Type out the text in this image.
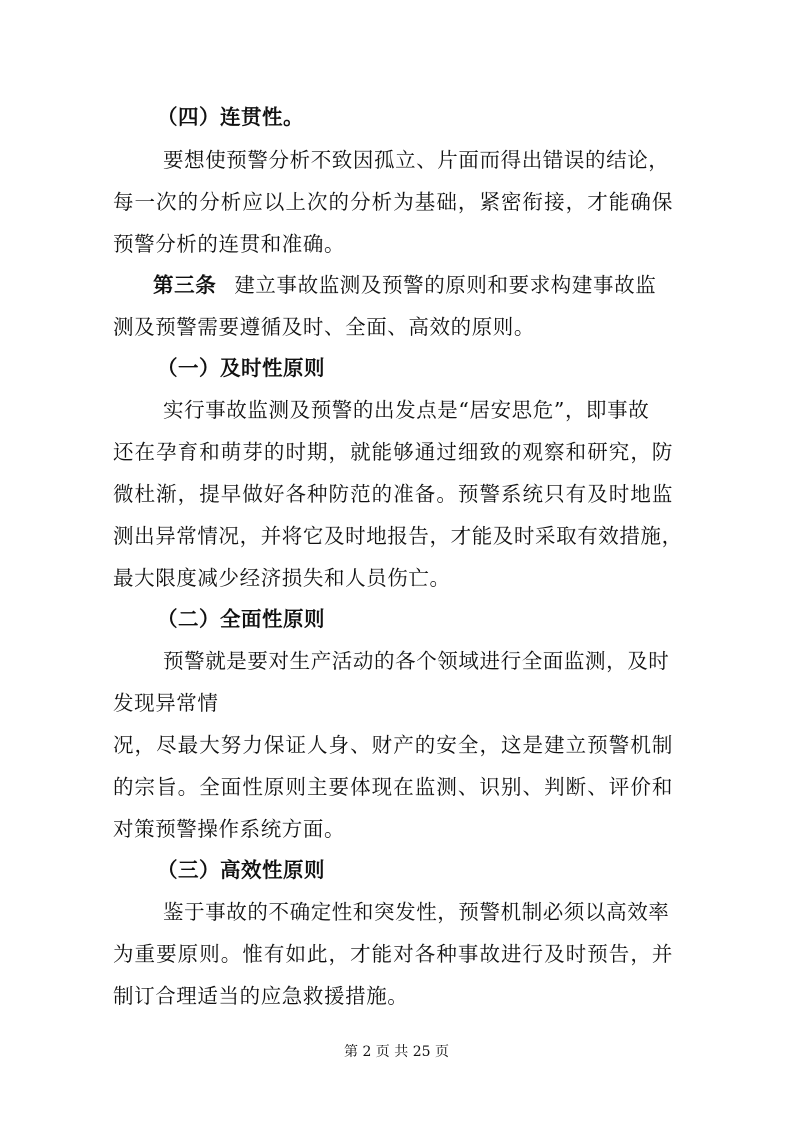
（四）连贯性。
要想使预警分析不致因孤立、片面而得出错误的结论，
每一次的分析应以上次的分析为基础，紧密衔接，才能确保
预警分析的连贯和准确。
第三条 建立事故监测及预警的原则和要求构建事故监
测及预警需要遵循及时、全面、高效的原则。
（一）及时性原则
实行事故监测及预警的出发点是“居安思危”，即事故
还在孕育和萌芽的时期，就能够通过细致的观察和研究，防
微杜渐，提早做好各种防范的准备。预警系统只有及时地监
测出异常情况，并将它及时地报告，才能及时采取有效措施，
最大限度减少经济损失和人员伤亡。
（二）全面性原则
预警就是要对生产活动的各个领域进行全面监测，及时
发现异常情
况，尽最大努力保证人身、财产的安全，这是建立预警机制
的宗旨。全面性原则主要体现在监测、识别、判断、评价和
对策预警操作系统方面。
（三）高效性原则
鉴于事故的不确定性和突发性，预警机制必须以高效率
为重要原则。惟有如此，才能对各种事故进行及时预告，并
制订合理适当的应急救援措施。
第 2 页 共 25 页
